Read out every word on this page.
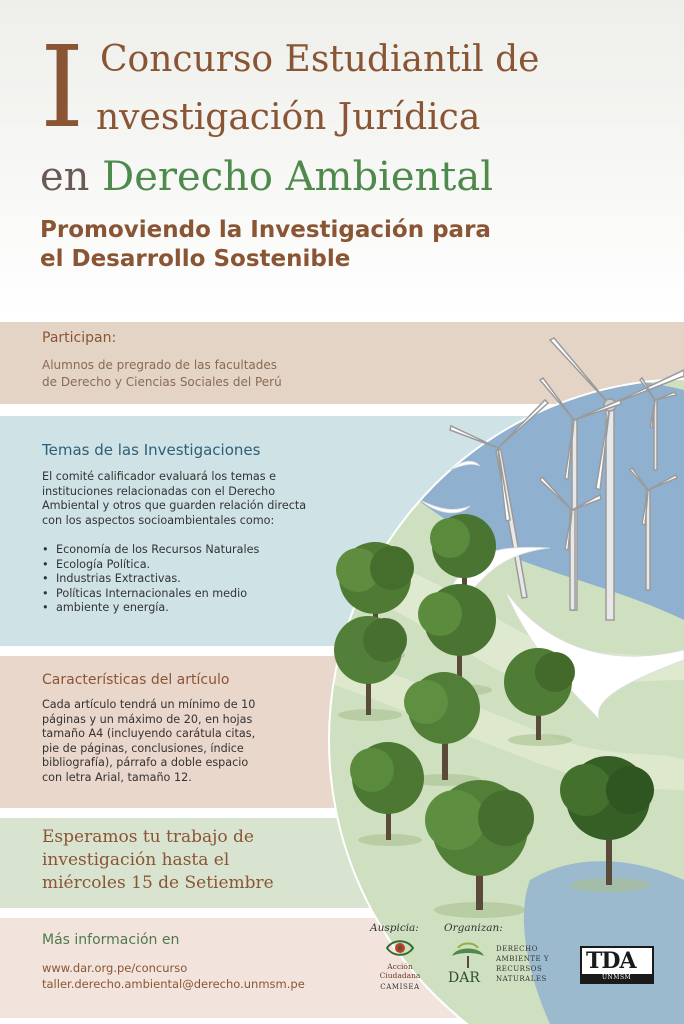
I Concurso Estudiantil de
nvestigación Jurídica
en Derecho Ambiental
Promoviendo la Investigación para
el Desarrollo Sostenible
Participan:
Alumnos de pregrado de las facultades
de Derecho y Ciencias Sociales del Perú
Temas de las Investigaciones
El comité calificador evaluará los temas e
instituciones relacionadas con el Derecho
Ambiental y otros que guarden relación directa
con los aspectos socioambientales como:
• Economía de los Recursos Naturales
• Ecología Política.
• Industrias Extractivas.
• Políticas Internacionales en medio
• ambiente y energía.
Características del artículo
Cada artículo tendrá un mínimo de 10
páginas y un máximo de 20, en hojas
tamaño A4 (incluyendo carátula citas,
pie de páginas, conclusiones, índice
bibliografía), párrafo a doble espacio
con letra Arial, tamaño 12.
Esperamos tu trabajo de
investigación hasta el
miércoles 15 de Setiembre
Más información en
www.dar.org.pe/concurso
taller.derecho.ambiental@derecho.unmsm.pe
Auspicia: Organizan:
Acción
Ciudadana
CAMISEA
DAR
DERECHO
AMBIENTE Y
RECURSOS
NATURALES
TDA
UNMSM
